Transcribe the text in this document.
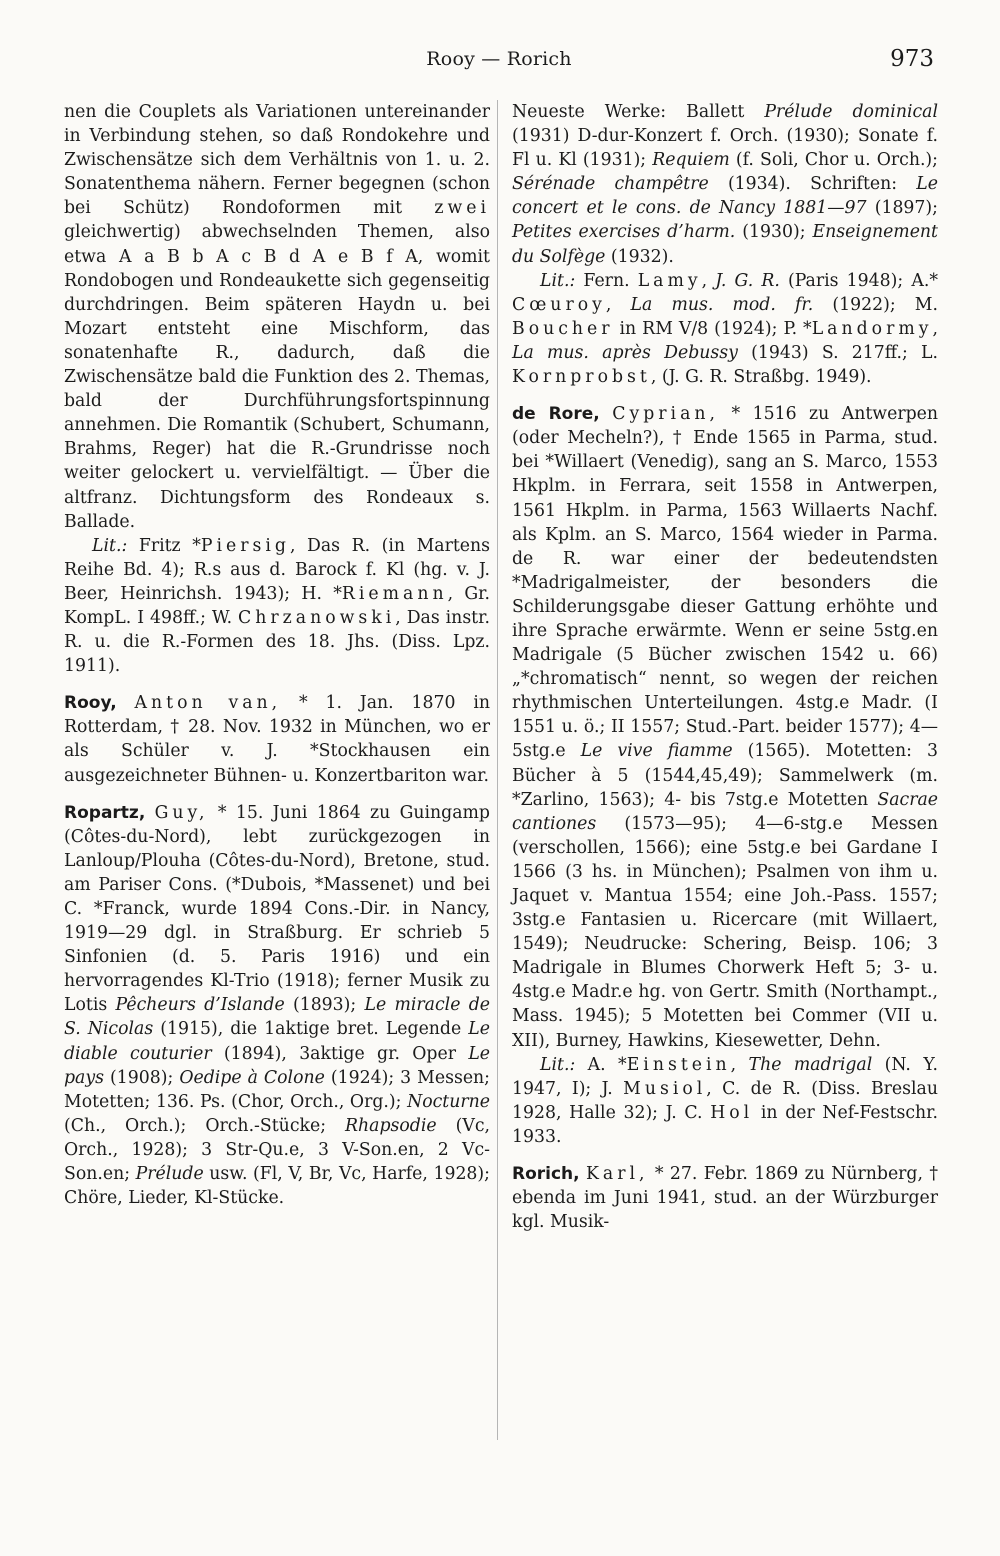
Rooy — Rorich	973
nen die Couplets als Variationen untereinander in Verbindung stehen, so daß Rondokehre und Zwischensätze sich dem Verhältnis von 1. u. 2. Sonatenthema nähern. Ferner begegnen (schon bei Schütz) Rondoformen mit zwei gleichwertig) abwechselnden Themen, also etwa A a B b A c B d A e B f A, womit Rondobogen und Rondeaukette sich gegenseitig durchdringen. Beim späteren Haydn u. bei Mozart entsteht eine Mischform, das sonatenhafte R., dadurch, daß die Zwischensätze bald die Funktion des 2. Themas, bald der Durchführungsfortspinnung annehmen. Die Romantik (Schubert, Schumann, Brahms, Reger) hat die R.-Grundrisse noch weiter gelockert u. vervielfältigt. — Über die altfranz. Dichtungsform des Rondeaux s. Ballade.
Lit.: Fritz *Piersig, Das R. (in Martens Reihe Bd. 4); R.s aus d. Barock f. Kl (hg. v. J. Beer, Heinrichsh. 1943); H. *Riemann, Gr. KompL. I 498ff.; W. Chrzanowski, Das instr. R. u. die R.-Formen des 18. Jhs. (Diss. Lpz. 1911).
Rooy, Anton van, * 1. Jan. 1870 in Rotterdam, † 28. Nov. 1932 in München, wo er als Schüler v. J. *Stockhausen ein ausgezeichneter Bühnen- u. Konzertbariton war.
Ropartz, Guy, * 15. Juni 1864 zu Guingamp (Côtes-du-Nord), lebt zurückgezogen in Lanloup/Plouha (Côtes-du-Nord), Bretone, stud. am Pariser Cons. (*Dubois, *Massenet) und bei C. *Franck, wurde 1894 Cons.-Dir. in Nancy, 1919—29 dgl. in Straßburg. Er schrieb 5 Sinfonien (d. 5. Paris 1916) und ein hervorragendes Kl-Trio (1918); ferner Musik zu Lotis Pêcheurs d’Islande (1893); Le miracle de S. Nicolas (1915), die 1aktige bret. Legende Le diable couturier (1894), 3aktige gr. Oper Le pays (1908); Oedipe à Colone (1924); 3 Messen; Motetten; 136. Ps. (Chor, Orch., Org.); Nocturne (Ch., Orch.); Orch.-Stücke; Rhapsodie (Vc, Orch., 1928); 3 Str-Qu.e, 3 V-Son.en, 2 Vc-Son.en; Prélude usw. (Fl, V, Br, Vc, Harfe, 1928); Chöre, Lieder, Kl-Stücke.
Neueste Werke: Ballett Prélude dominical (1931) D-dur-Konzert f. Orch. (1930); Sonate f. Fl u. Kl (1931); Requiem (f. Soli, Chor u. Orch.); Sérénade champêtre (1934). Schriften: Le concert et le cons. de Nancy 1881—97 (1897); Petites exercises d’harm. (1930); Enseignement du Solfège (1932).
Lit.: Fern. Lamy, J. G. R. (Paris 1948); A.* Cœuroy, La mus. mod. fr. (1922); M. Boucher in RM V/8 (1924); P. *Landormy, La mus. après Debussy (1943) S. 217ff.; L. Kornprobst, (J. G. R. Straßbg. 1949).
de Rore, Cyprian, * 1516 zu Antwerpen (oder Mecheln?), † Ende 1565 in Parma, stud. bei *Willaert (Venedig), sang an S. Marco, 1553 Hkplm. in Ferrara, seit 1558 in Antwerpen, 1561 Hkplm. in Parma, 1563 Willaerts Nachf. als Kplm. an S. Marco, 1564 wieder in Parma. de R. war einer der bedeutendsten *Madrigalmeister, der besonders die Schilderungsgabe dieser Gattung erhöhte und ihre Sprache erwärmte. Wenn er seine 5stg.en Madrigale (5 Bücher zwischen 1542 u. 66) „*chromatisch“ nennt, so wegen der reichen rhythmischen Unterteilungen. 4stg.e Madr. (I 1551 u. ö.; II 1557; Stud.-Part. beider 1577); 4—5stg.e Le vive fiamme (1565). Motetten: 3 Bücher à 5 (1544,45,49); Sammelwerk (m. *Zarlino, 1563); 4- bis 7stg.e Motetten Sacrae cantiones (1573—95); 4—6-stg.e Messen (verschollen, 1566); eine 5stg.e bei Gardane I 1566 (3 hs. in München); Psalmen von ihm u. Jaquet v. Mantua 1554; eine Joh.-Pass. 1557; 3stg.e Fantasien u. Ricercare (mit Willaert, 1549); Neudrucke: Schering, Beisp. 106; 3 Madrigale in Blumes Chorwerk Heft 5; 3- u. 4stg.e Madr.e hg. von Gertr. Smith (Northampt., Mass. 1945); 5 Motetten bei Commer (VII u. XII), Burney, Hawkins, Kiesewetter, Dehn.
Lit.: A. *Einstein, The madrigal (N. Y. 1947, I); J. Musiol, C. de R. (Diss. Breslau 1928, Halle 32); J. C. Hol in der Nef-Festschr. 1933.
Rorich, Karl, * 27. Febr. 1869 zu Nürnberg, † ebenda im Juni 1941, stud. an der Würzburger kgl. Musik-
